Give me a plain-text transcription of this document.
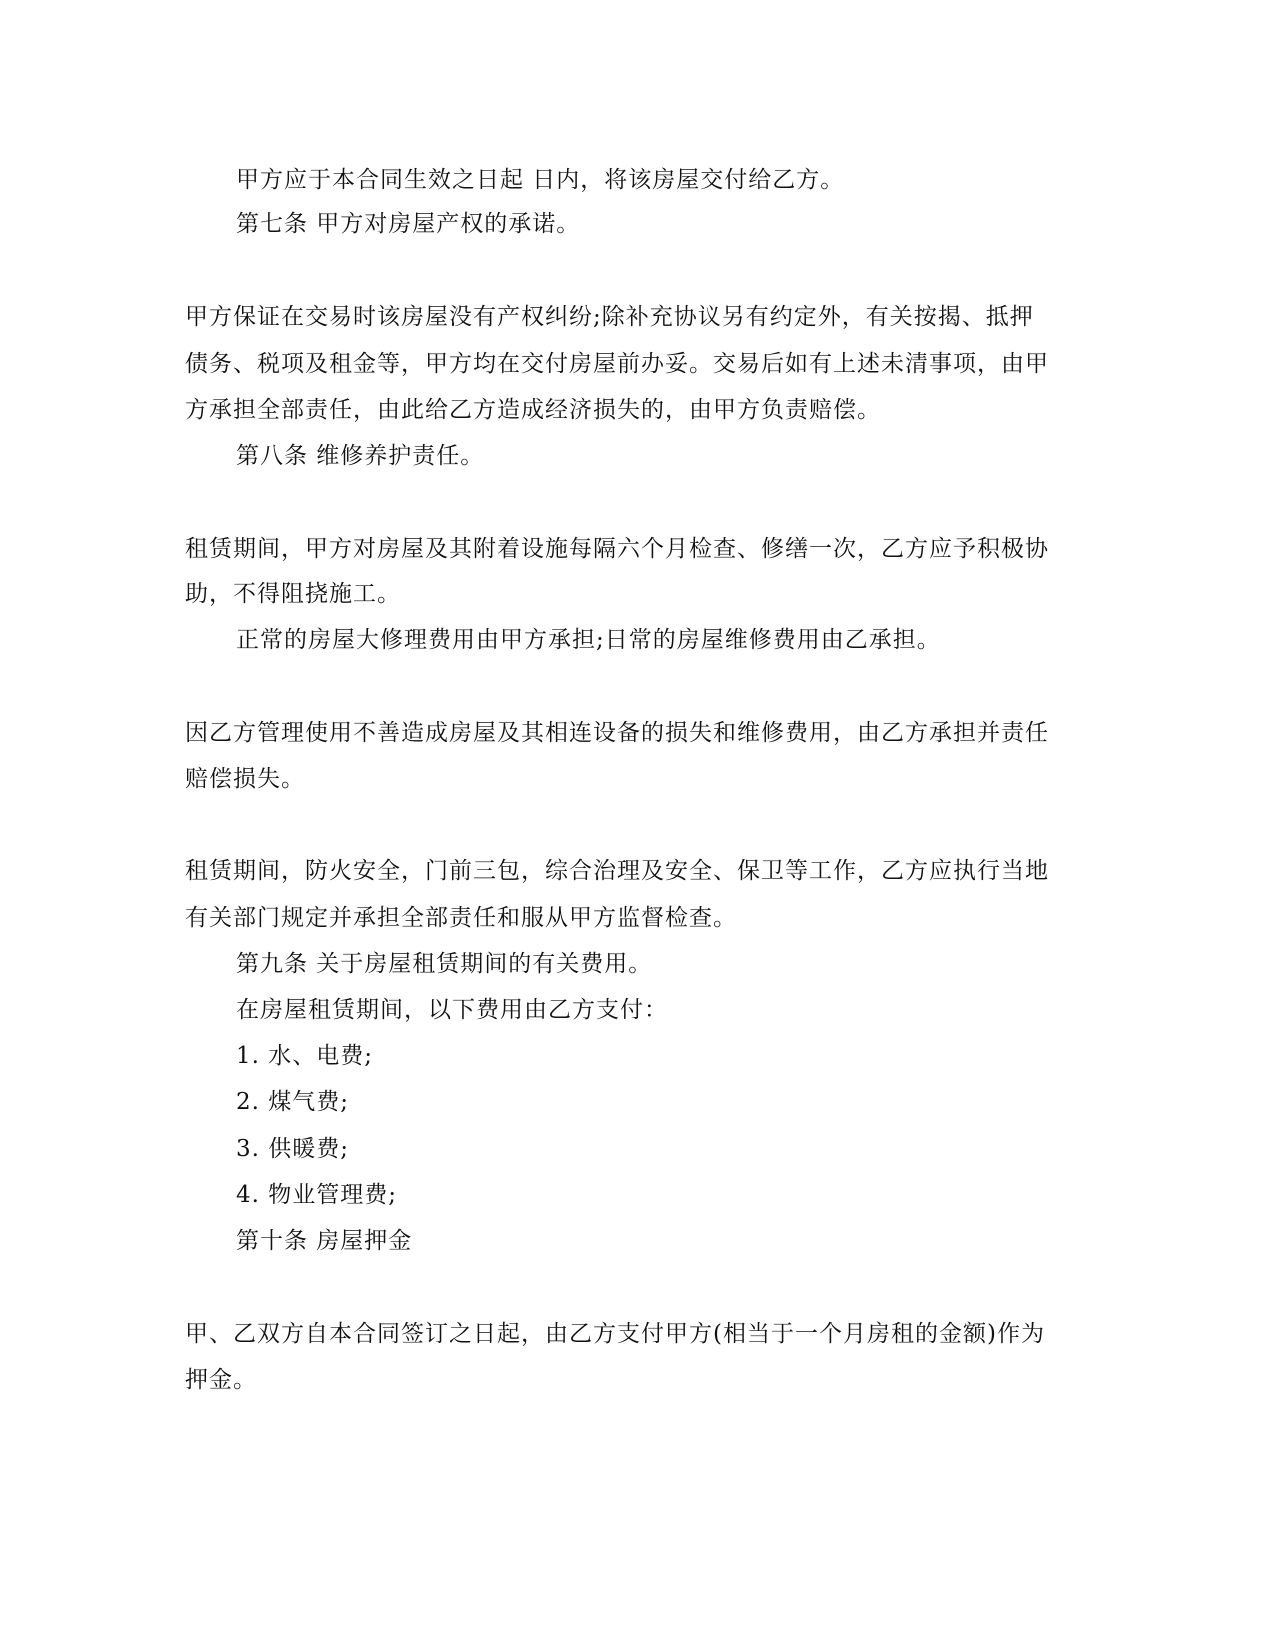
甲方应于本合同生效之日起 日内，将该房屋交付给乙方。
第七条 甲方对房屋产权的承诺。
甲方保证在交易时该房屋没有产权纠纷;除补充协议另有约定外，有关按揭、抵押
债务、税项及租金等，甲方均在交付房屋前办妥。交易后如有上述未清事项，由甲
方承担全部责任，由此给乙方造成经济损失的，由甲方负责赔偿。
第八条 维修养护责任。
租赁期间，甲方对房屋及其附着设施每隔六个月检查、修缮一次，乙方应予积极协
助，不得阻挠施工。
正常的房屋大修理费用由甲方承担;日常的房屋维修费用由乙承担。
因乙方管理使用不善造成房屋及其相连设备的损失和维修费用，由乙方承担并责任
赔偿损失。
租赁期间，防火安全，门前三包，综合治理及安全、保卫等工作，乙方应执行当地
有关部门规定并承担全部责任和服从甲方监督检查。
第九条 关于房屋租赁期间的有关费用。
在房屋租赁期间，以下费用由乙方支付：
1. 水、电费;
2. 煤气费;
3. 供暖费;
4. 物业管理费;
第十条 房屋押金
甲、乙双方自本合同签订之日起，由乙方支付甲方(相当于一个月房租的金额)作为
押金。
